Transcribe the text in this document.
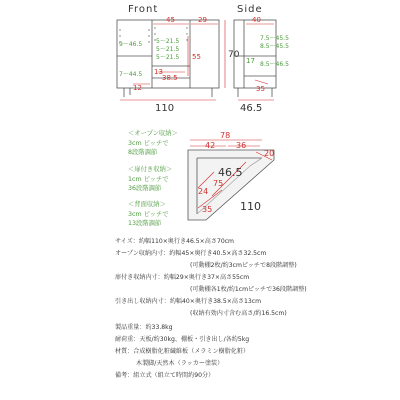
Front	Side
45	29
70
55
38.5
13
12
9～46.5
7～44.5
5～21.5
5～21.5
5～21.5
110
40
7.5～45.5
8.5～45.5
17 8.5～46.5
35
46.5
78
42	36
20
46.5
75
24
35	110
＜オープン収納＞
3cm ピッチで
8段階調節
＜扉付き収納＞
1cm ピッチで
36段階調節
＜背面収納＞
3cm ピッチで
13段階調節
サイズ：約幅110×奥行き46.5×高さ70cm
オープン収納内寸：約幅45×奥行き40.5×高さ32.5cm
(可動棚2枚/約3cmピッチで8段階調整)
扉付き収納内寸：約幅29×奥行き37×高さ55cm
(可動棚各1枚/約1cmピッチで36段階調整)
引き出し収納内寸：約幅40×奥行き38.5×高さ13cm
(収納有効内寸含む高さ/約16.5cm)
製品重量：約33.8kg
耐荷重：天板/約30kg、棚板・引き出し/各約5kg
材質：合成樹脂化粧繊維板（メラミン樹脂化粧）
木製脚/天然木（ラッカー塗装）
備考：組立式（組立て時間約90分）
